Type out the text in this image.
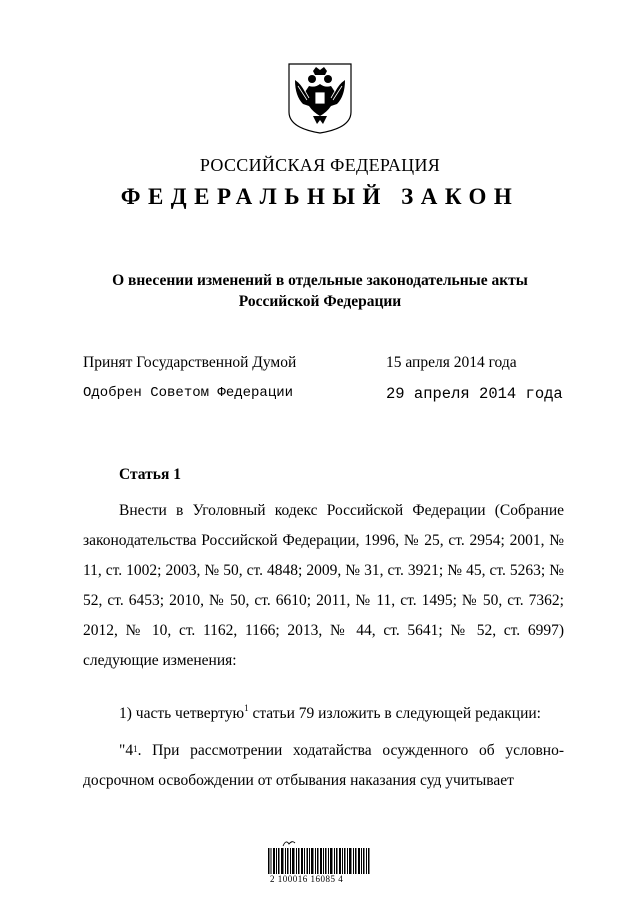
РОССИЙСКАЯ ФЕДЕРАЦИЯ
ФЕДЕРАЛЬНЫЙ ЗАКОН
О внесении изменений в отдельные законодательные акты
Российской Федерации
Принят Государственной Думой	15 апреля 2014 года
Одобрен Советом Федерации	29 апреля 2014 года
Статья 1

Внести в Уголовный кодекс Российской Федерации (Собрание законодательства Российской Федерации, 1996, № 25, ст. 2954; 2001, № 11, ст. 1002; 2003, № 50, ст. 4848; 2009, № 31, ст. 3921; № 45, ст. 5263; № 52, ст. 6453; 2010, № 50, ст. 6610; 2011, № 11, ст. 1495; № 50, ст. 7362; 2012, № 10, ст. 1162, 1166; 2013, № 44, ст. 5641; № 52, ст. 6997) следующие изменения:

1) часть четвертую$^1$ статьи 79 изложить в следующей редакции:

"$4^1$. При рассмотрении ходатайства осужденного об условно-досрочном освобождении от отбывания наказания суд учитывает

2 100016 16085 4
